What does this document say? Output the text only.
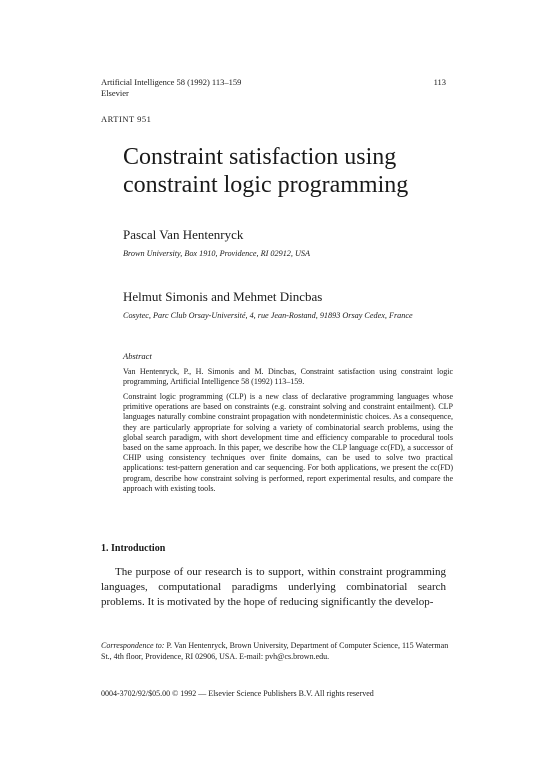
Artificial Intelligence 58 (1992) 113–159
Elsevier
113
ARTINT 951
Constraint satisfaction using constraint logic programming
Pascal Van Hentenryck
Brown University, Box 1910, Providence, RI 02912, USA
Helmut Simonis and Mehmet Dincbas
Cosytec, Parc Club Orsay-Université, 4, rue Jean-Rostand, 91893 Orsay Cedex, France
Abstract
Van Hentenryck, P., H. Simonis and M. Dincbas, Constraint satisfaction using constraint logic programming, Artificial Intelligence 58 (1992) 113–159.
Constraint logic programming (CLP) is a new class of declarative programming languages whose primitive operations are based on constraints (e.g. constraint solving and constraint entailment). CLP languages naturally combine constraint propagation with nondeterministic choices. As a consequence, they are particularly appropriate for solving a variety of combinatorial search problems, using the global search paradigm, with short development time and efficiency comparable to procedural tools based on the same approach. In this paper, we describe how the CLP language cc(FD), a successor of CHIP using consistency techniques over finite domains, can be used to solve two practical applications: test-pattern generation and car sequencing. For both applications, we present the cc(FD) program, describe how constraint solving is performed, report experimental results, and compare the approach with existing tools.
1. Introduction
The purpose of our research is to support, within constraint programming languages, computational paradigms underlying combinatorial search problems. It is motivated by the hope of reducing significantly the develop-
Correspondence to: P. Van Hentenryck, Brown University, Department of Computer Science, 115 Waterman St., 4th floor, Providence, RI 02906, USA. E-mail: pvh@cs.brown.edu.
0004-3702/92/$05.00 © 1992 — Elsevier Science Publishers B.V. All rights reserved
